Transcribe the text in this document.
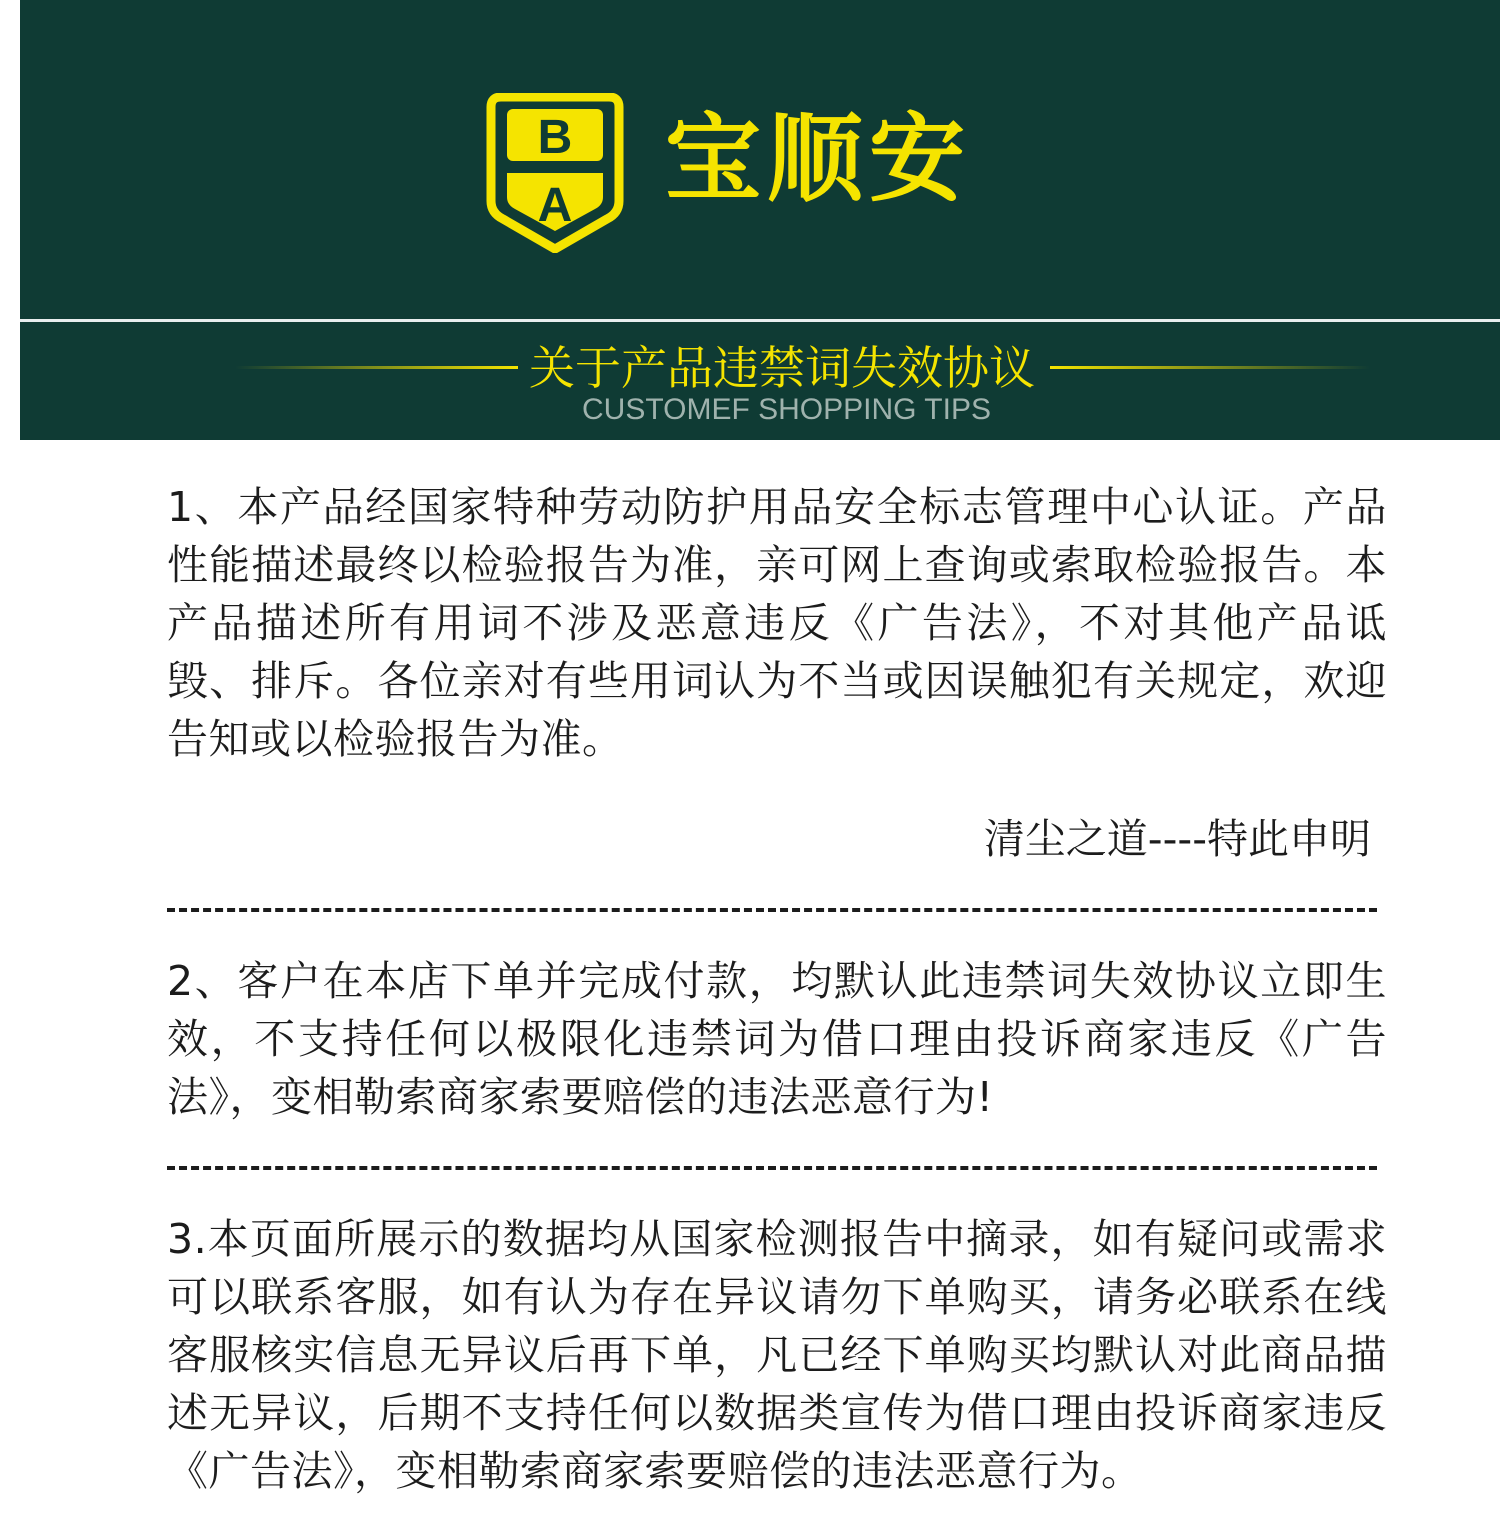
B
A 宝顺安
关于产品违禁词失效协议
CUSTOMEF SHOPPING TIPS

1、本产品经国家特种劳动防护用品安全标志管理中心认证。产品性能描述最终以检验报告为准，亲可网上查询或索取检验报告。本产品描述所有用词不涉及恶意违反《广告法》，不对其他产品诋毁、排斥。各位亲对有些用词认为不当或因误触犯有关规定，欢迎告知或以检验报告为准。

清尘之道----特此申明

2、客户在本店下单并完成付款，均默认此违禁词失效协议立即生效，不支持任何以极限化违禁词为借口理由投诉商家违反《广告法》，变相勒索商家索要赔偿的违法恶意行为!

3.本页面所展示的数据均从国家检测报告中摘录，如有疑问或需求可以联系客服，如有认为存在异议请勿下单购买，请务必联系在线客服核实信息无异议后再下单，凡已经下单购买均默认对此商品描述无异议，后期不支持任何以数据类宣传为借口理由投诉商家违反《广告法》，变相勒索商家索要赔偿的违法恶意行为。
